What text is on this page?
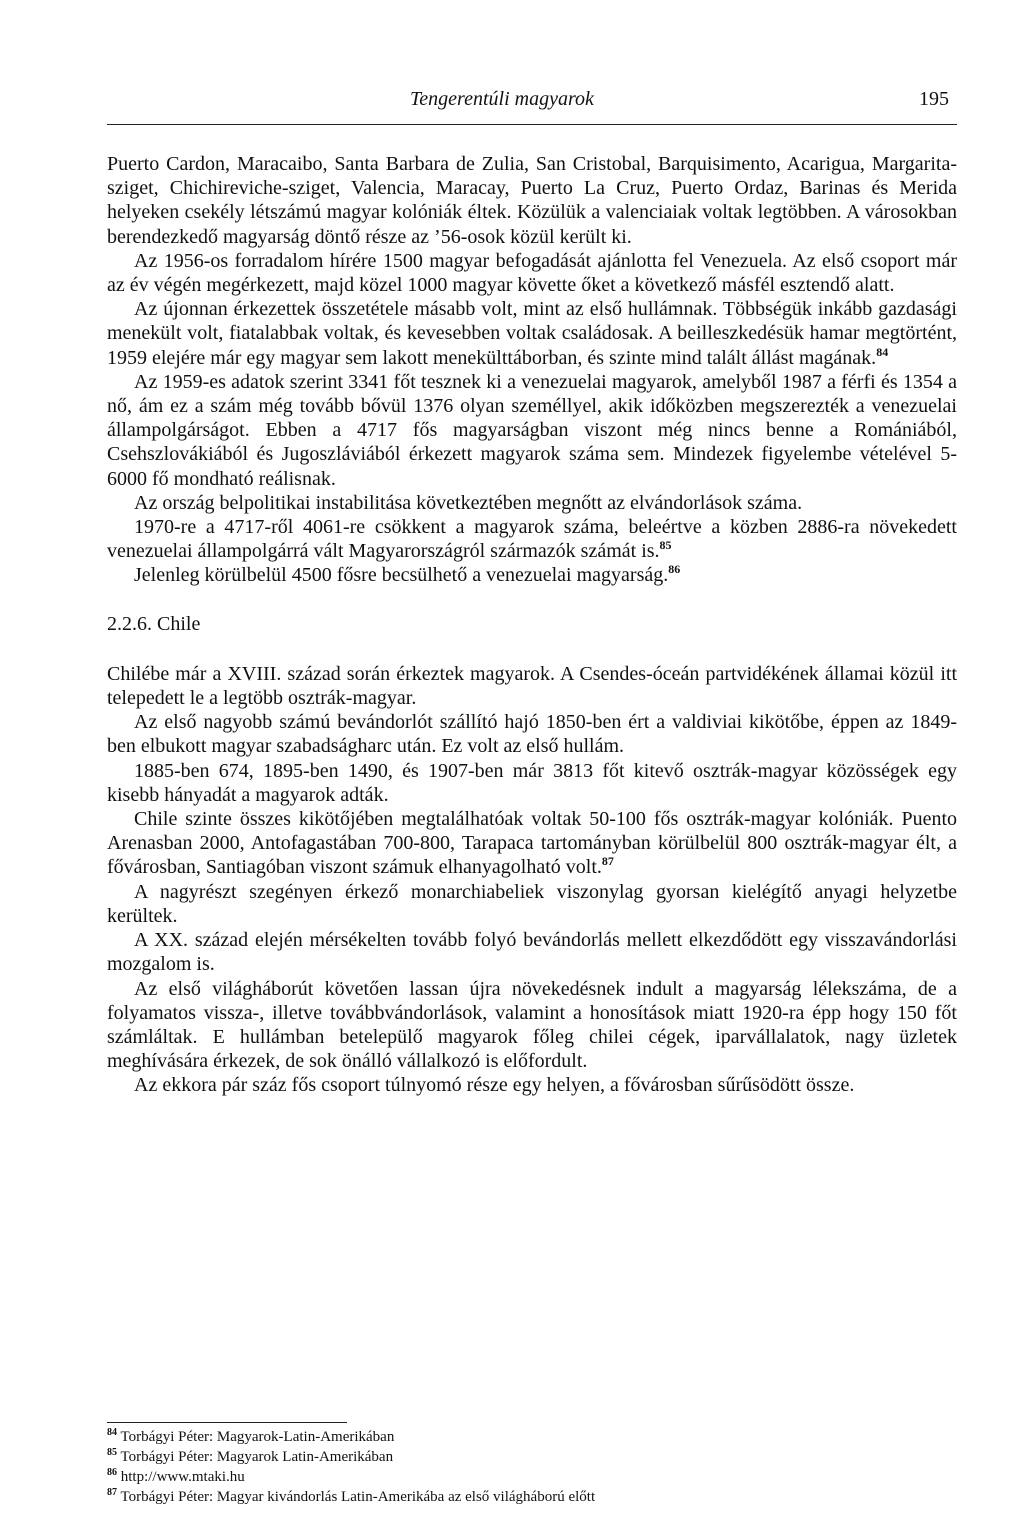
Tengerentúli magyarok	195

Puerto Cardon, Maracaibo, Santa Barbara de Zulia, San Cristobal, Barquisimento, Acarigua, Margarita-sziget, Chichireviche-sziget, Valencia, Maracay, Puerto La Cruz, Puerto Ordaz, Barinas és Merida helyeken csekély létszámú magyar kolóniák éltek. Közülük a valenciaiak voltak legtöbben. A városokban berendezkedő magyarság döntő része az ’56-osok közül került ki.

Az 1956-os forradalom hírére 1500 magyar befogadását ajánlotta fel Venezuela. Az első csoport már az év végén megérkezett, majd közel 1000 magyar követte őket a következő másfél esztendő alatt.

Az újonnan érkezettek összetétele másabb volt, mint az első hullámnak. Többségük inkább gazdasági menekült volt, fiatalabbak voltak, és kevesebben voltak családosak. A beilleszkedésük hamar megtörtént, 1959 elejére már egy magyar sem lakott menekülttáborban, és szinte mind talált állást magának.$^{84}$

Az 1959-es adatok szerint 3341 főt tesznek ki a venezuelai magyarok, amelyből 1987 a férfi és 1354 a nő, ám ez a szám még tovább bővül 1376 olyan személlyel, akik időközben megszerezték a venezuelai állampolgárságot. Ebben a 4717 fős magyarságban viszont még nincs benne a Romániából, Csehszlovákiából és Jugoszláviából érkezett magyarok száma sem. Mindezek figyelembe vételével 5-6000 fő mondható reálisnak.

Az ország belpolitikai instabilitása következtében megnőtt az elvándorlások száma.

1970-re a 4717-ről 4061-re csökkent a magyarok száma, beleértve a közben 2886-ra növekedett venezuelai állampolgárrá vált Magyarországról származók számát is.$^{85}$

Jelenleg körülbelül 4500 fősre becsülhető a venezuelai magyarság.$^{86}$

2.2.6. Chile

Chilébe már a XVIII. század során érkeztek magyarok. A Csendes-óceán partvidékének államai közül itt telepedett le a legtöbb osztrák-magyar.

Az első nagyobb számú bevándorlót szállító hajó 1850-ben ért a valdiviai kikötőbe, éppen az 1849-ben elbukott magyar szabadságharc után. Ez volt az első hullám.

1885-ben 674, 1895-ben 1490, és 1907-ben már 3813 főt kitevő osztrák-magyar közösségek egy kisebb hányadát a magyarok adták.

Chile szinte összes kikötőjében megtalálhatóak voltak 50-100 fős osztrák-magyar kolóniák. Puento Arenasban 2000, Antofagastában 700-800, Tarapaca tartományban körülbelül 800 osztrák-magyar élt, a fővárosban, Santiagóban viszont számuk elhanyagolható volt.$^{87}$

A nagyrészt szegényen érkező monarchiabeliek viszonylag gyorsan kielégítő anyagi helyzetbe kerültek.

A XX. század elején mérsékelten tovább folyó bevándorlás mellett elkezdődött egy visszavándorlási mozgalom is.

Az első világháborút követően lassan újra növekedésnek indult a magyarság lélekszáma, de a folyamatos vissza-, illetve továbbvándorlások, valamint a honosítások miatt 1920-ra épp hogy 150 főt számláltak. E hullámban betelepülő magyarok főleg chilei cégek, iparvállalatok, nagy üzletek meghívására érkezek, de sok önálló vállalkozó is előfordult.

Az ekkora pár száz fős csoport túlnyomó része egy helyen, a fővárosban sűrűsödött össze.

$^{84}$ Torbágyi Péter: Magyarok-Latin-Amerikában
$^{85}$ Torbágyi Péter: Magyarok Latin-Amerikában
$^{86}$ http://www.mtaki.hu
$^{87}$ Torbágyi Péter: Magyar kivándorlás Latin-Amerikába az első világháború előtt
